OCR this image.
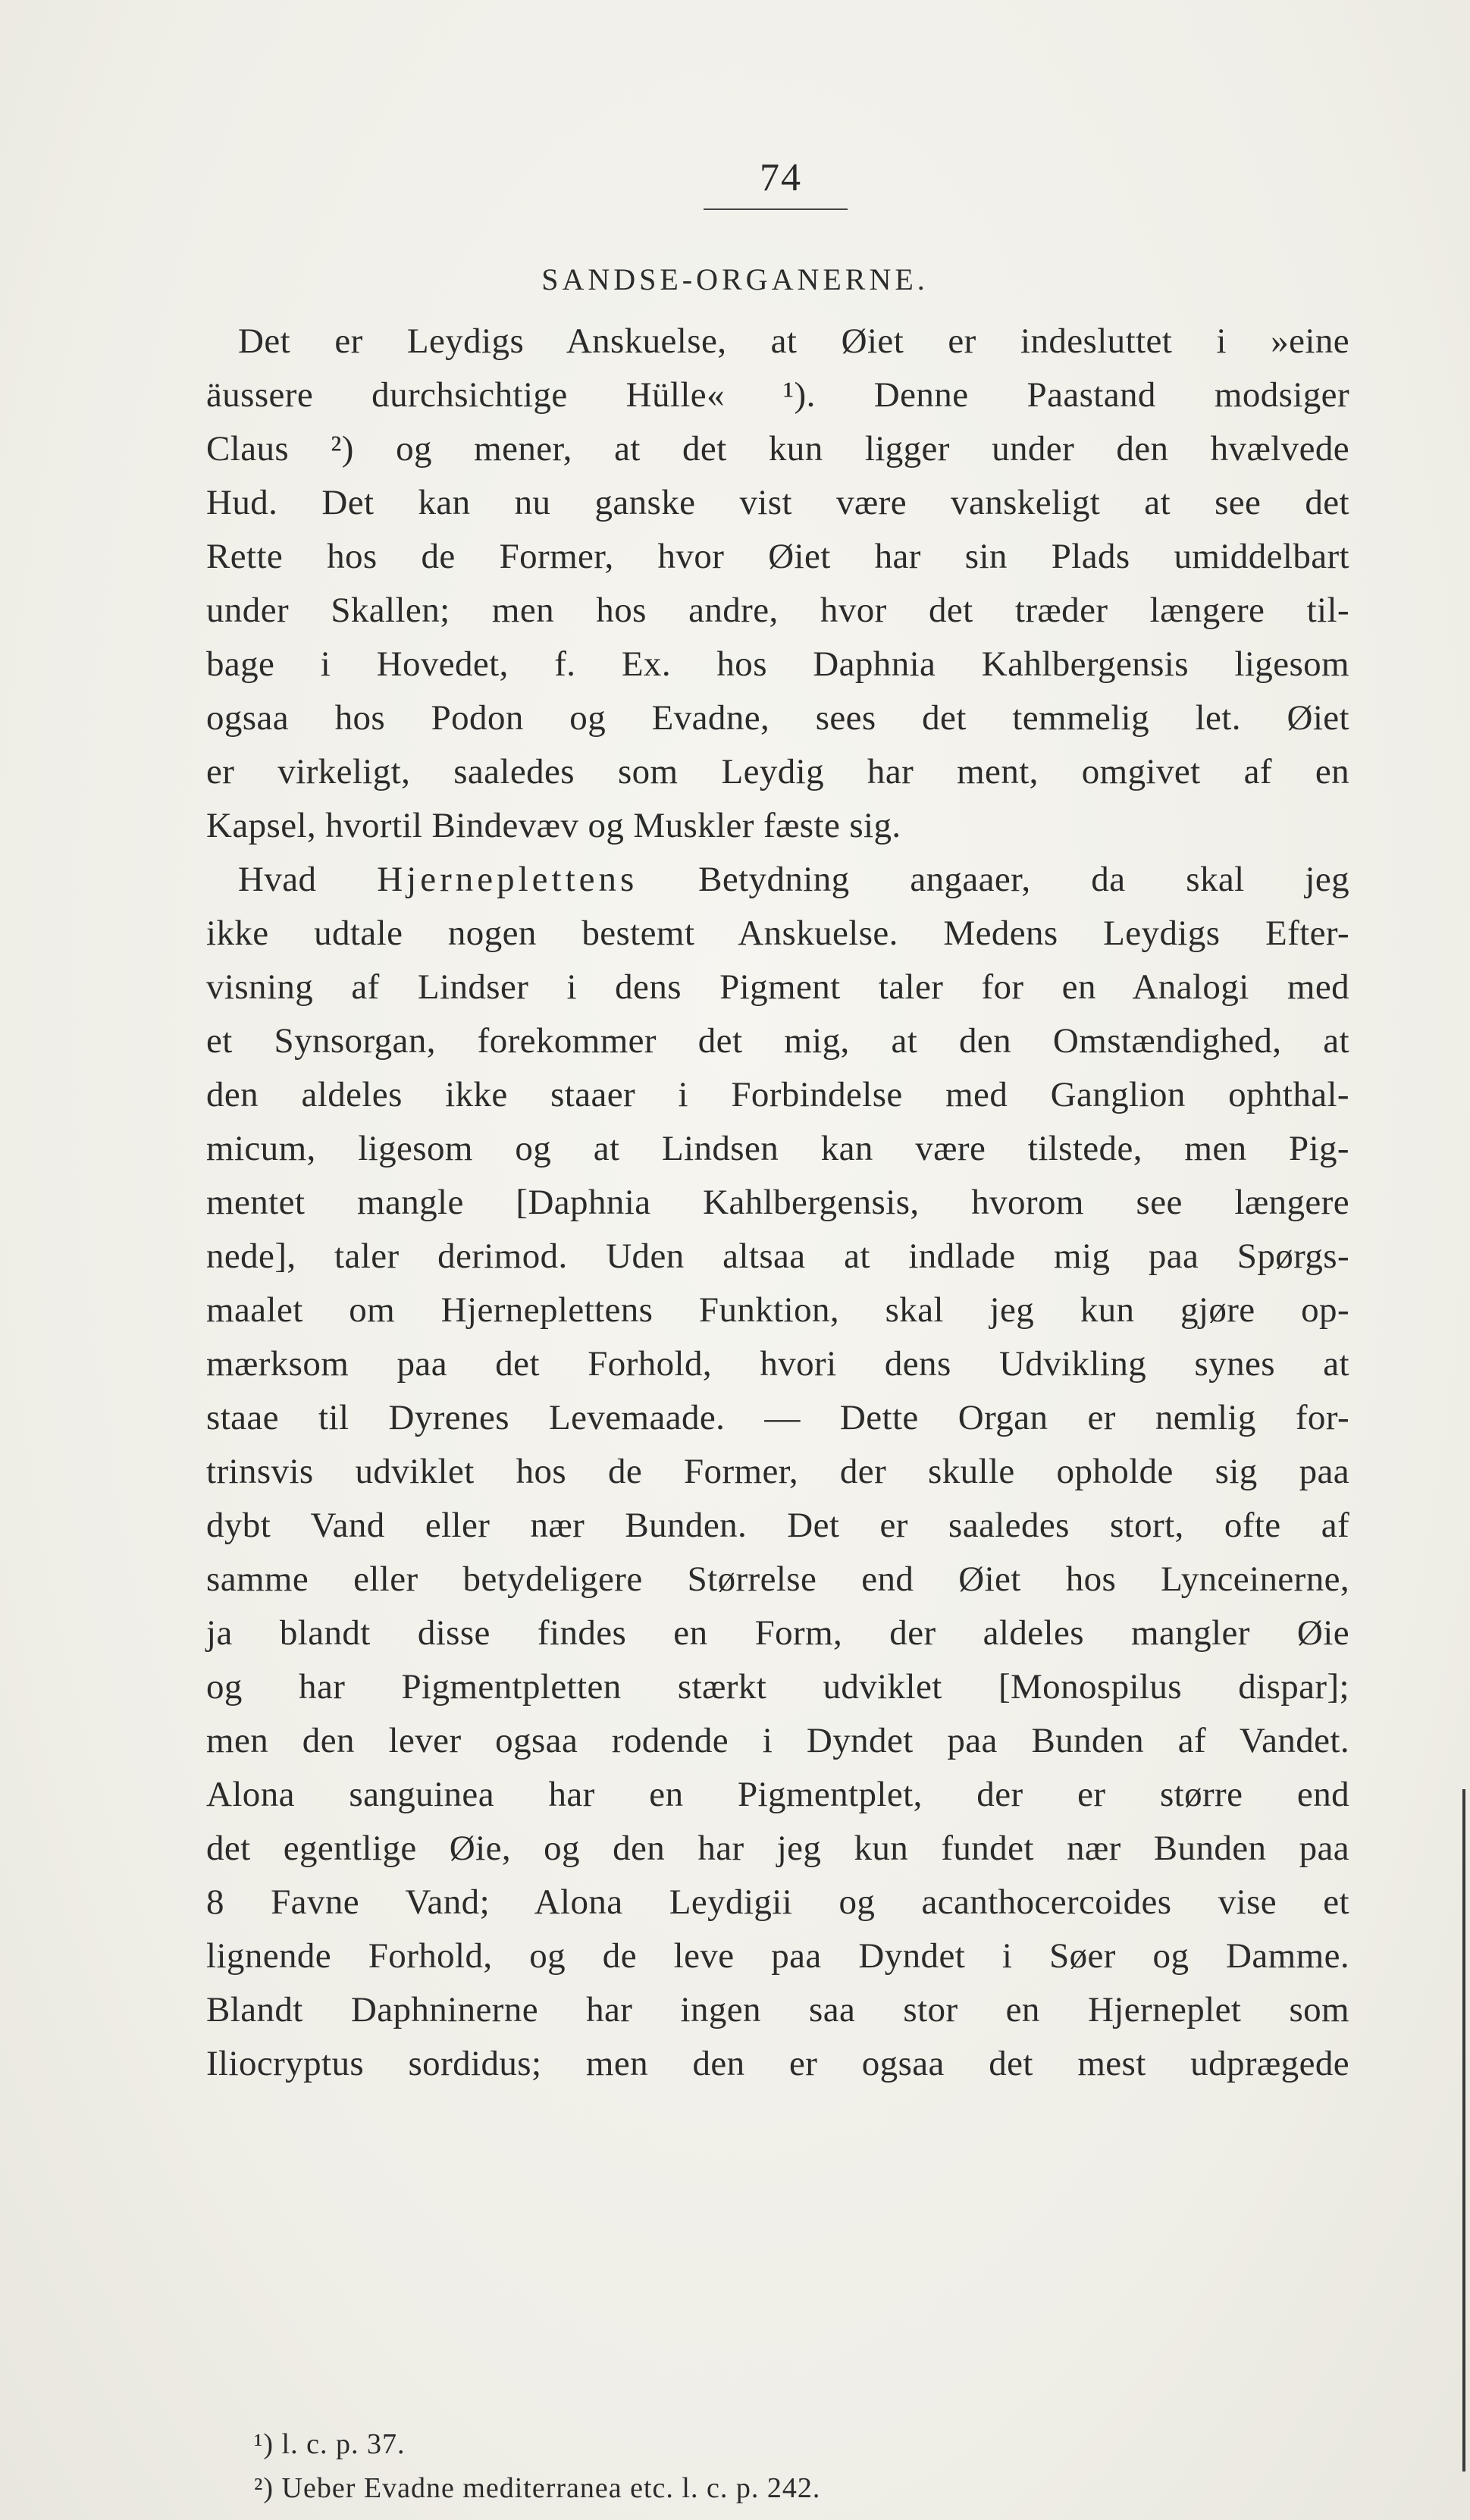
74
SANDSE-ORGANERNE.
Det er Leydigs Anskuelse, at Øiet er indesluttet i »eine
äussere durchsichtige Hülle« ¹). Denne Paastand modsiger
Claus ²) og mener, at det kun ligger under den hvælvede
Hud. Det kan nu ganske vist være vanskeligt at see det
Rette hos de Former, hvor Øiet har sin Plads umiddelbart
under Skallen; men hos andre, hvor det træder længere til-
bage i Hovedet, f. Ex. hos Daphnia Kahlbergensis ligesom
ogsaa hos Podon og Evadne, sees det temmelig let. Øiet
er virkeligt, saaledes som Leydig har ment, omgivet af en
Kapsel, hvortil Bindevæv og Muskler fæste sig.
Hvad Hjerneplettens Betydning angaaer, da skal jeg
ikke udtale nogen bestemt Anskuelse. Medens Leydigs Efter-
visning af Lindser i dens Pigment taler for en Analogi med
et Synsorgan, forekommer det mig, at den Omstændighed, at
den aldeles ikke staaer i Forbindelse med Ganglion ophthal-
micum, ligesom og at Lindsen kan være tilstede, men Pig-
mentet mangle [Daphnia Kahlbergensis, hvorom see længere
nede], taler derimod. Uden altsaa at indlade mig paa Spørgs-
maalet om Hjerneplettens Funktion, skal jeg kun gjøre op-
mærksom paa det Forhold, hvori dens Udvikling synes at
staae til Dyrenes Levemaade. — Dette Organ er nemlig for-
trinsvis udviklet hos de Former, der skulle opholde sig paa
dybt Vand eller nær Bunden. Det er saaledes stort, ofte af
samme eller betydeligere Størrelse end Øiet hos Lynceinerne,
ja blandt disse findes en Form, der aldeles mangler Øie
og har Pigmentpletten stærkt udviklet [Monospilus dispar];
men den lever ogsaa rodende i Dyndet paa Bunden af Vandet.
Alona sanguinea har en Pigmentplet, der er større end
det egentlige Øie, og den har jeg kun fundet nær Bunden paa
8 Favne Vand; Alona Leydigii og acanthocercoides vise et
lignende Forhold, og de leve paa Dyndet i Søer og Damme.
Blandt Daphninerne har ingen saa stor en Hjerneplet som
Iliocryptus sordidus; men den er ogsaa det mest udprægede
¹) l. c. p. 37.
²) Ueber Evadne mediterranea etc. l. c. p. 242.
